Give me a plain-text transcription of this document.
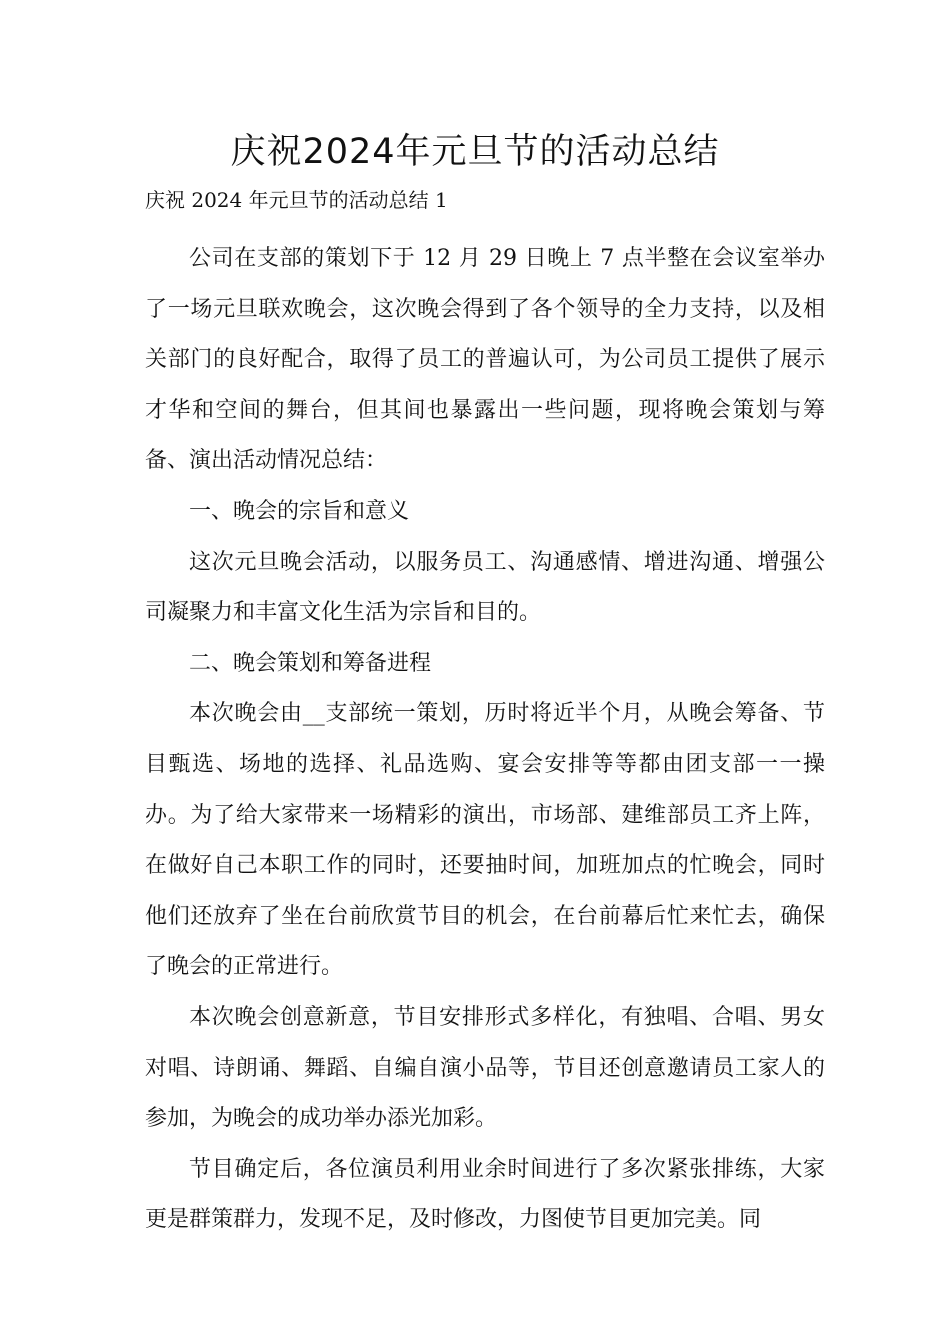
庆祝2024年元旦节的活动总结
庆祝 2024 年元旦节的活动总结 1

公司在支部的策划下于 12 月 29 日晚上 7 点半整在会议室举办了一场元旦联欢晚会，这次晚会得到了各个领导的全力支持，以及相关部门的良好配合，取得了员工的普遍认可，为公司员工提供了展示才华和空间的舞台，但其间也暴露出一些问题，现将晚会策划与筹备、演出活动情况总结：

一、晚会的宗旨和意义

这次元旦晚会活动，以服务员工、沟通感情、增进沟通、增强公司凝聚力和丰富文化生活为宗旨和目的。

二、晚会策划和筹备进程

本次晚会由__支部统一策划，历时将近半个月，从晚会筹备、节目甄选、场地的选择、礼品选购、宴会安排等等都由团支部一一操办。为了给大家带来一场精彩的演出，市场部、建维部员工齐上阵，在做好自己本职工作的同时，还要抽时间，加班加点的忙晚会，同时他们还放弃了坐在台前欣赏节目的机会，在台前幕后忙来忙去，确保了晚会的正常进行。

本次晚会创意新意，节目安排形式多样化，有独唱、合唱、男女对唱、诗朗诵、舞蹈、自编自演小品等，节目还创意邀请员工家人的参加，为晚会的成功举办添光加彩。

节目确定后，各位演员利用业余时间进行了多次紧张排练，大家更是群策群力，发现不足，及时修改，力图使节目更加完美。同
